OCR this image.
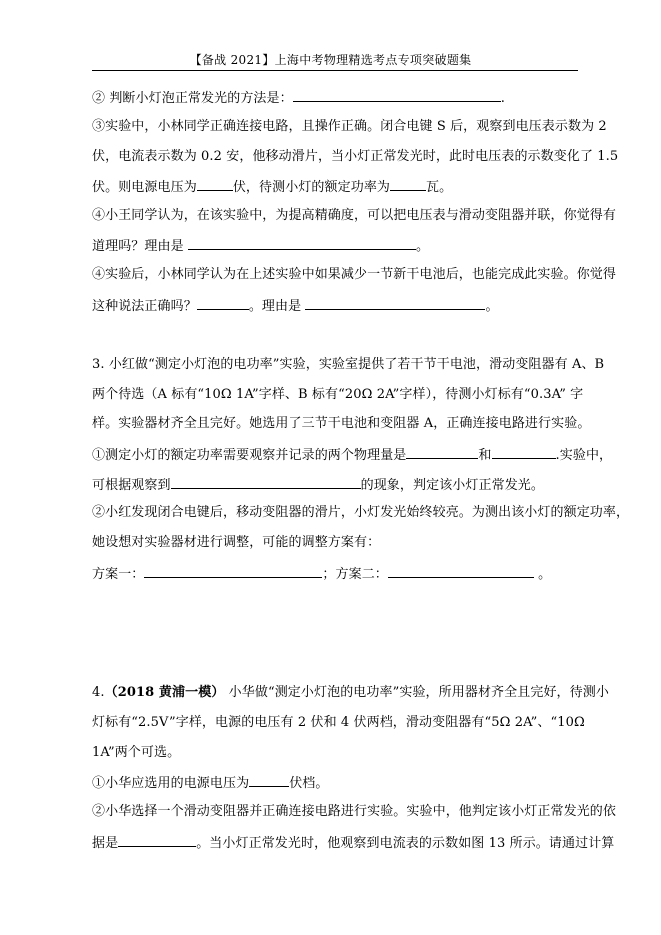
【备战 2021】上海中考物理精选考点专项突破题集
② 判断小灯泡正常发光的方法是：	.
③实验中，小林同学正确连接电路，且操作正确。闭合电键 S 后，观察到电压表示数为 2
伏，电流表示数为 0.2 安，他移动滑片，当小灯正常发光时，此时电压表的示数变化了 1.5
伏。则电源电压为	伏，待测小灯的额定功率为	瓦。
④小王同学认为，在该实验中，为提高精确度，可以把电压表与滑动变阻器并联，你觉得有
道理吗？理由是	。
④实验后，小林同学认为在上述实验中如果减少一节新干电池后，也能完成此实验。你觉得
这种说法正确吗？	。理由是	。
3. 小红做“测定小灯泡的电功率”实验，实验室提供了若干节干电池，滑动变阻器有 A、B
两个待选（A 标有“10Ω 1A”字样、B 标有“20Ω 2A”字样），待测小灯标有“0.3A” 字
样。实验器材齐全且完好。她选用了三节干电池和变阻器 A，正确连接电路进行实验。
①测定小灯的额定功率需要观察并记录的两个物理量是	和	.实验中，
可根据观察到	的现象，判定该小灯正常发光。
②小红发现闭合电键后，移动变阻器的滑片，小灯发光始终较亮。为测出该小灯的额定功率，
她设想对实验器材进行调整，可能的调整方案有：
方案一：	；方案二：	。
4.（2018 黄浦一模） 小华做“测定小灯泡的电功率”实验，所用器材齐全且完好，待测小
灯标有“2.5V”字样，电源的电压有 2 伏和 4 伏两档，滑动变阻器有“5Ω 2A”、“10Ω
1A”两个可选。
①小华应选用的电源电压为	伏档。
②小华选择一个滑动变阻器并正确连接电路进行实验。实验中，他判定该小灯正常发光的依
据是	。当小灯正常发光时，他观察到电流表的示数如图 13 所示。请通过计算
